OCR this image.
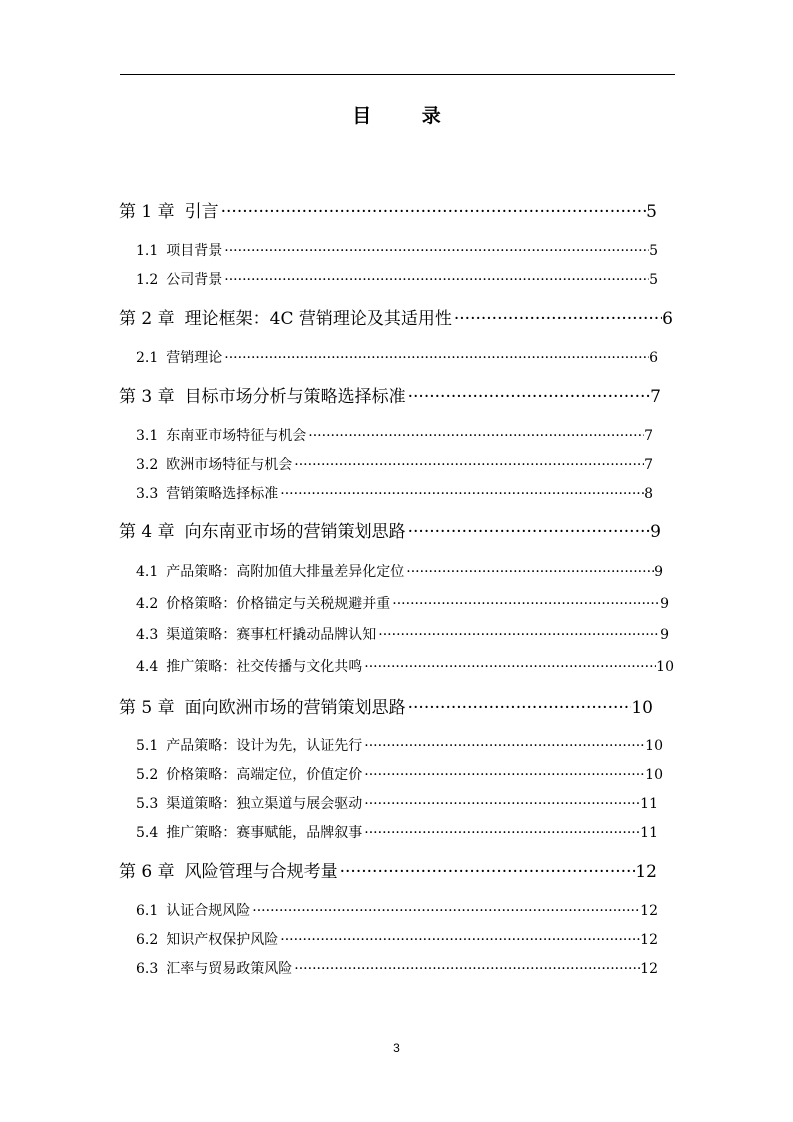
目 录
第 1 章 引言 ·····	5
1.1 项目背景 ·····	5
1.2 公司背景 ·····	5
第 2 章 理论框架：4C 营销理论及其适用性 ·····	6
2.1 营销理论 ·····	6
第 3 章 目标市场分析与策略选择标准 ·····	7
3.1 东南亚市场特征与机会 ·····	7
3.2 欧洲市场特征与机会 ·····	7
3.3 营销策略选择标准 ·····	8
第 4 章 向东南亚市场的营销策划思路 ·····	9
4.1 产品策略：高附加值大排量差异化定位 ·····	9
4.2 价格策略：价格锚定与关税规避并重 ·····	9
4.3 渠道策略：赛事杠杆撬动品牌认知 ·····	9
4.4 推广策略：社交传播与文化共鸣 ·····	10
第 5 章 面向欧洲市场的营销策划思路 ·····	10
5.1 产品策略：设计为先，认证先行 ·····	10
5.2 价格策略：高端定位，价值定价 ·····	10
5.3 渠道策略：独立渠道与展会驱动 ·····	11
5.4 推广策略：赛事赋能，品牌叙事 ·····	11
第 6 章 风险管理与合规考量 ·····	12
6.1 认证合规风险 ·····	12
6.2 知识产权保护风险 ·····	12
6.3 汇率与贸易政策风险 ·····	12
3
